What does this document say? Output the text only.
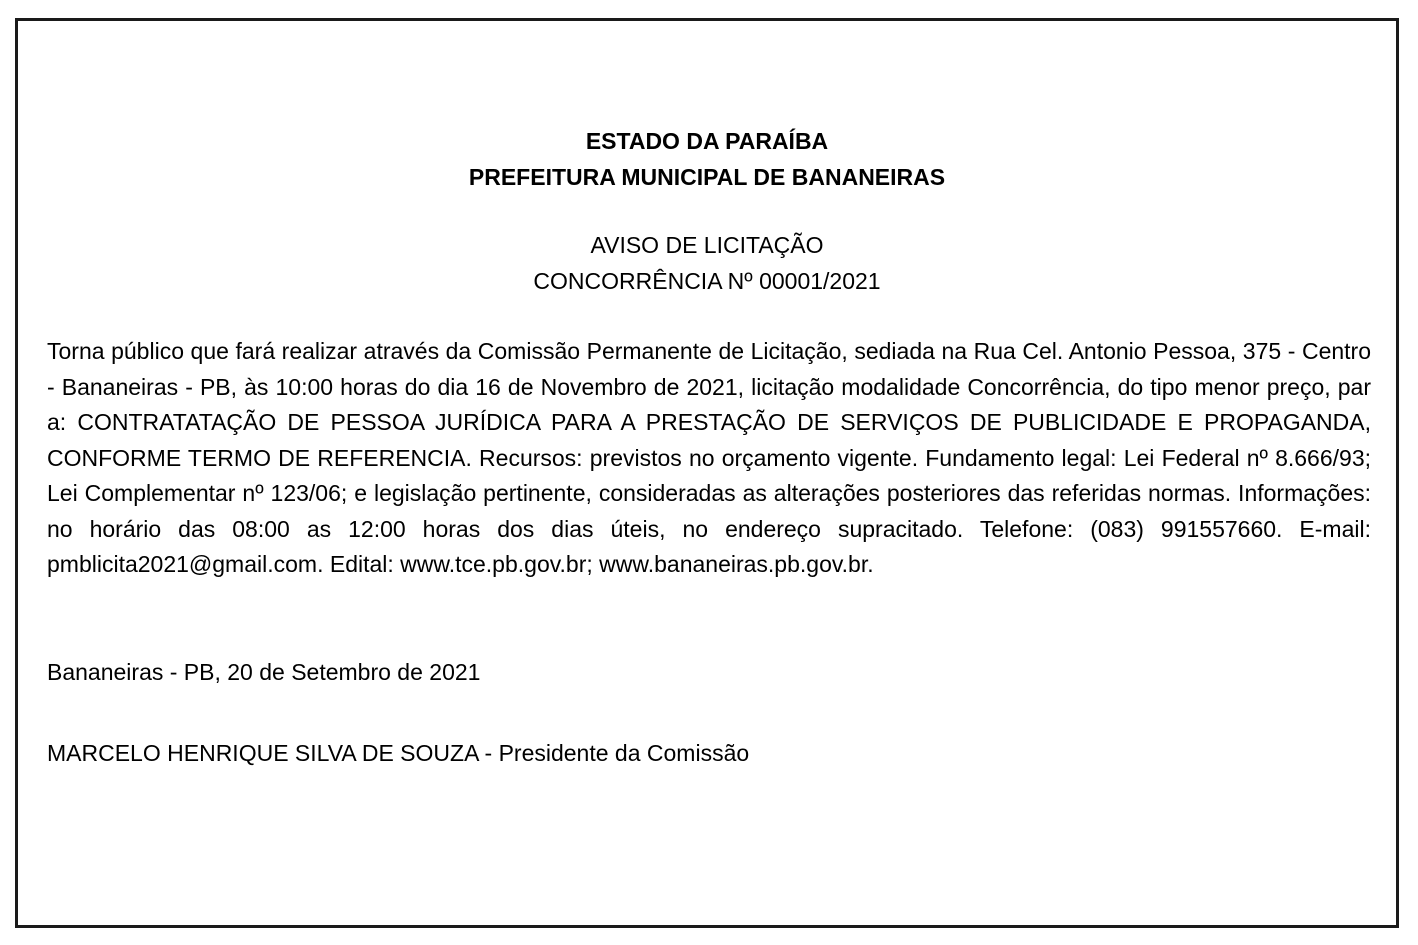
ESTADO DA PARAÍBA
PREFEITURA MUNICIPAL DE BANANEIRAS
AVISO DE LICITAÇÃO
CONCORRÊNCIA Nº 00001/2021
Torna público que fará realizar através da Comissão Permanente de Licitação, sediada na Rua Cel. Antonio Pessoa, 375 - Centro - Bananeiras - PB, às 10:00 horas do dia 16 de Novembro de 2021, licitação modalidade Concorrência, do tipo menor preço, par a: CONTRATATAÇÃO DE PESSOA JURÍDICA PARA A PRESTAÇÃO DE SERVIÇOS DE PUBLICIDADE E PROPAGANDA, CONFORME TERMO DE REFERENCIA. Recursos: previstos no orçamento vigente. Fundamento legal: Lei Federal nº 8.666/93; Lei Complementar nº 123/06; e legislação pertinente, consideradas as alterações posteriores das referidas normas. Informações: no horário das 08:00 as 12:00 horas dos dias úteis, no endereço supracitado. Telefone: (083) 991557660. E-mail: pmblicita2021@gmail.com. Edital: www.tce.pb.gov.br; www.bananeiras.pb.gov.br.
Bananeiras - PB, 20 de Setembro de 2021
MARCELO HENRIQUE SILVA DE SOUZA - Presidente da Comissão
